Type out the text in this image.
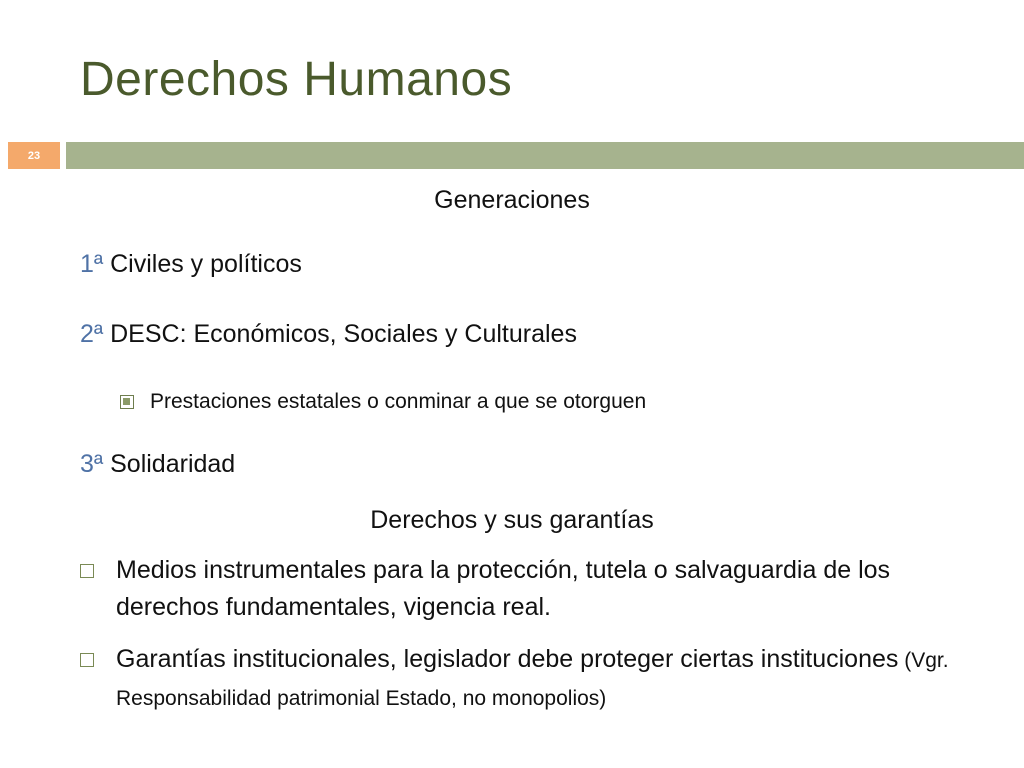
Derechos Humanos
23
Generaciones
1ª Civiles y políticos
2ª DESC: Económicos, Sociales y Culturales
Prestaciones estatales o conminar a que se otorguen
3ª Solidaridad
Derechos y sus garantías
Medios instrumentales para la protección, tutela o salvaguardia de los derechos fundamentales, vigencia real.
Garantías institucionales, legislador debe proteger ciertas instituciones (Vgr. Responsabilidad patrimonial Estado, no monopolios)
